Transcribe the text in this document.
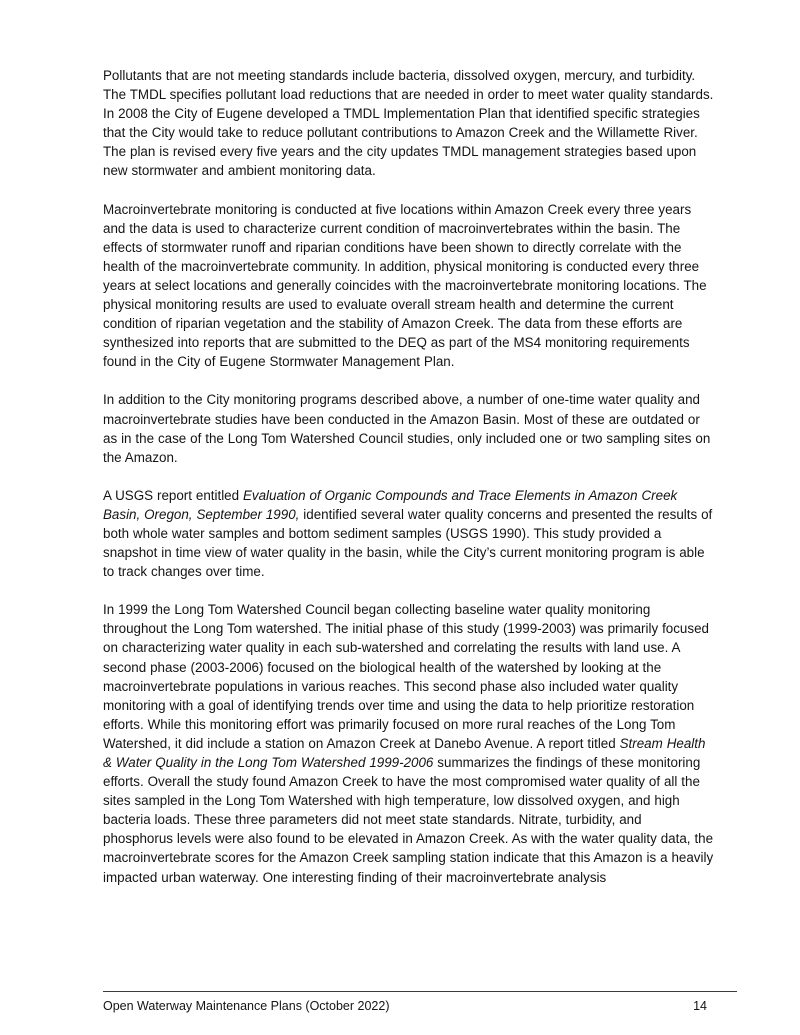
Pollutants that are not meeting standards include bacteria, dissolved oxygen, mercury, and turbidity. The TMDL specifies pollutant load reductions that are needed in order to meet water quality standards. In 2008 the City of Eugene developed a TMDL Implementation Plan that identified specific strategies that the City would take to reduce pollutant contributions to Amazon Creek and the Willamette River. The plan is revised every five years and the city updates TMDL management strategies based upon new stormwater and ambient monitoring data.

Macroinvertebrate monitoring is conducted at five locations within Amazon Creek every three years and the data is used to characterize current condition of macroinvertebrates within the basin. The effects of stormwater runoff and riparian conditions have been shown to directly correlate with the health of the macroinvertebrate community. In addition, physical monitoring is conducted every three years at select locations and generally coincides with the macroinvertebrate monitoring locations. The physical monitoring results are used to evaluate overall stream health and determine the current condition of riparian vegetation and the stability of Amazon Creek. The data from these efforts are synthesized into reports that are submitted to the DEQ as part of the MS4 monitoring requirements found in the City of Eugene Stormwater Management Plan.

In addition to the City monitoring programs described above, a number of one-time water quality and macroinvertebrate studies have been conducted in the Amazon Basin. Most of these are outdated or as in the case of the Long Tom Watershed Council studies, only included one or two sampling sites on the Amazon.

A USGS report entitled Evaluation of Organic Compounds and Trace Elements in Amazon Creek Basin, Oregon, September 1990, identified several water quality concerns and presented the results of both whole water samples and bottom sediment samples (USGS 1990). This study provided a snapshot in time view of water quality in the basin, while the City’s current monitoring program is able to track changes over time.

In 1999 the Long Tom Watershed Council began collecting baseline water quality monitoring throughout the Long Tom watershed. The initial phase of this study (1999-2003) was primarily focused on characterizing water quality in each sub-watershed and correlating the results with land use. A second phase (2003-2006) focused on the biological health of the watershed by looking at the macroinvertebrate populations in various reaches. This second phase also included water quality monitoring with a goal of identifying trends over time and using the data to help prioritize restoration efforts. While this monitoring effort was primarily focused on more rural reaches of the Long Tom Watershed, it did include a station on Amazon Creek at Danebo Avenue. A report titled Stream Health & Water Quality in the Long Tom Watershed 1999-2006 summarizes the findings of these monitoring efforts. Overall the study found Amazon Creek to have the most compromised water quality of all the sites sampled in the Long Tom Watershed with high temperature, low dissolved oxygen, and high bacteria loads. These three parameters did not meet state standards. Nitrate, turbidity, and phosphorus levels were also found to be elevated in Amazon Creek. As with the water quality data, the macroinvertebrate scores for the Amazon Creek sampling station indicate that this Amazon is a heavily impacted urban waterway. One interesting finding of their macroinvertebrate analysis

Open Waterway Maintenance Plans (October 2022)	14
